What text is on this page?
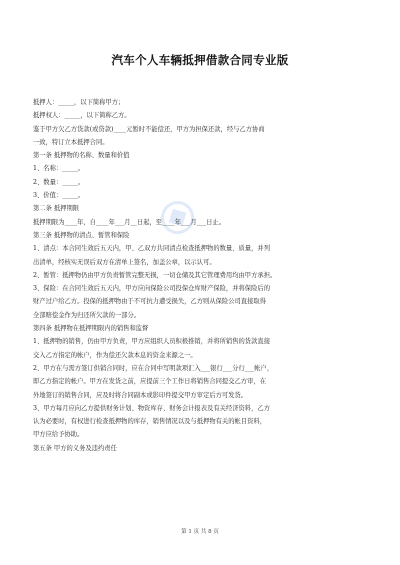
汽车个人车辆抵押借款合同专业版
抵押人：_____，以下简称甲方；
抵押权人：_____，以下简称乙方。
鉴于甲方欠乙方货款(或贷款)____元暂时不能偿还，甲方为担保还款，经与乙方协商
一致，特订立本抵押合同。
第一条 抵押物的名称、数量和价值
1、名称：_____。
2、数量：_____。
3、价值：_____。
第二条 抵押期限
抵押期限为____年，自____年___月__日起，至____年___月___日止。
第三条 抵押物的清点、暂管和保险
1、清点：本合同生效后五天内，甲、乙双方共同清点检查抵押物的数量、质量，并列
出清单，经核实无误后双方在清单上签名，加盖公章，以示认可。
2、暂管：抵押物仍由甲方负责暂管完整无损，一切仓储及其它管理费用均由甲方承担。
3、保险：在合同生效后五天内，甲方应向保险公司投保仓库财产保险，并将保险后的
财产过户给乙方。投保的抵押物由于不可抗力遭受损失，乙方则从保险公司直接取得
全部赔偿金作为归还所欠款的一部分。
第四条 抵押物在抵押期限内的销售和监督
1、抵押物的销售，仍由甲方负责，甲方应组织人员积极推销，并将所销售的货款直接
交入乙方指定的帐户，作为偿还欠款本息的资金来源之一。
2、甲方在与需方签订供销合同时，应在合同中写明款项汇入___银行___分行___帐户，
即乙方指定的帐户。甲方在发货之前，应提前三个工作日将销售合同提交乙方审，在
外地签订的销售合同，应及时将合同副本或影印件提交甲方审定后方可发货。
3、甲方每月应向乙方提供财务计划、物资库存、财务会计报表及有关经济资料，乙方
认为必要时，有权进行检查抵押物的库存，销售情况以及与抵押物有关的帐目资料，
甲方应给予协助。
第五条 甲方的义务及违约责任
第 1 页 共 8 页
